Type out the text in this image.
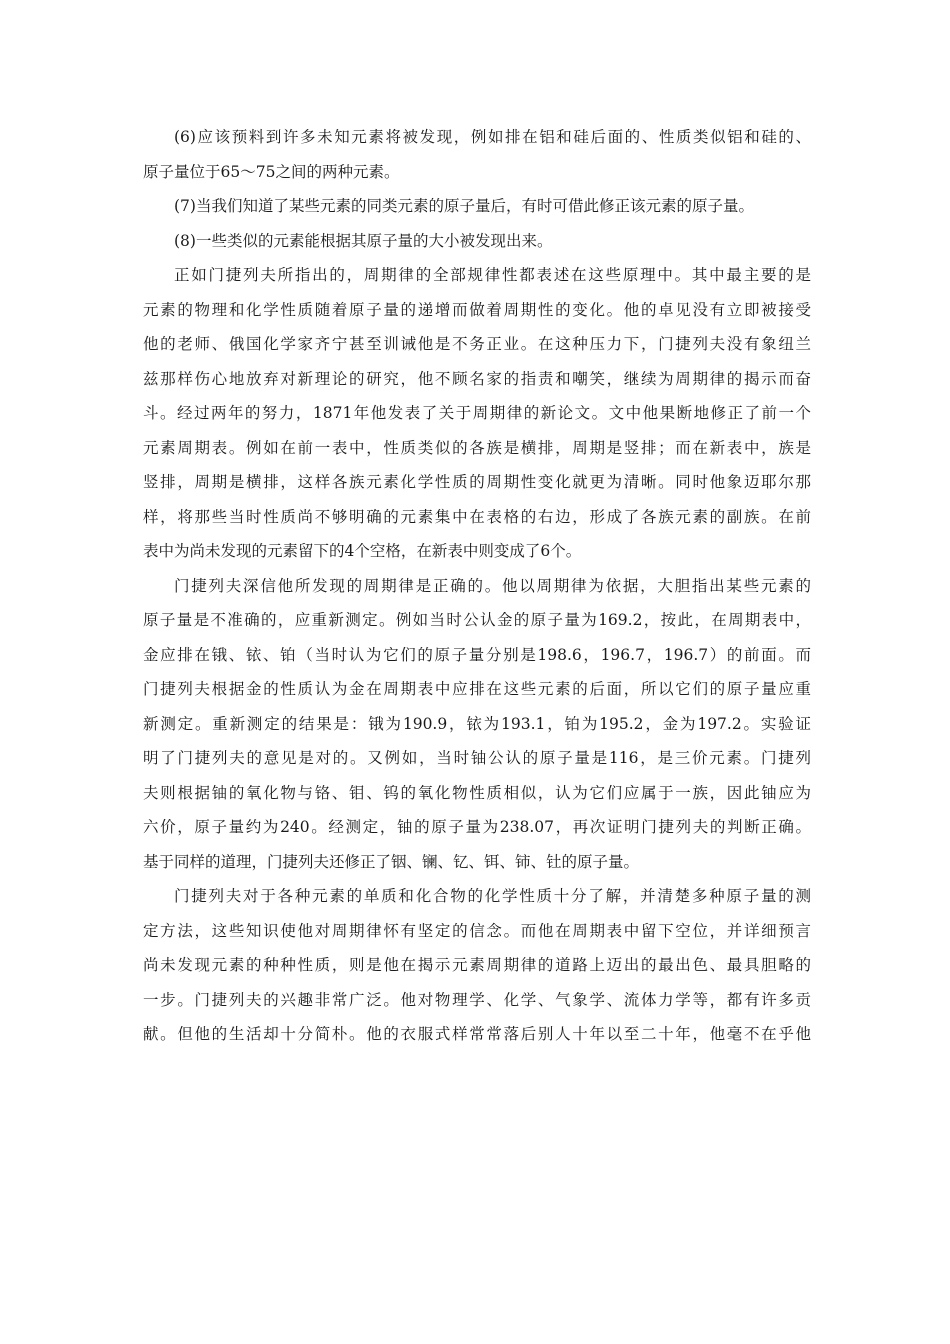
(6)应该预料到许多未知元素将被发现，例如排在铝和硅后面的、性质类似铝和硅的、
原子量位于65～75之间的两种元素。
(7)当我们知道了某些元素的同类元素的原子量后，有时可借此修正该元素的原子量。
(8)一些类似的元素能根据其原子量的大小被发现出来。
正如门捷列夫所指出的，周期律的全部规律性都表述在这些原理中。其中最主要的是
元素的物理和化学性质随着原子量的递增而做着周期性的变化。他的卓见没有立即被接受
他的老师、俄国化学家齐宁甚至训诫他是不务正业。在这种压力下，门捷列夫没有象纽兰
兹那样伤心地放弃对新理论的研究，他不顾名家的指责和嘲笑，继续为周期律的揭示而奋
斗。经过两年的努力，1871年他发表了关于周期律的新论文。文中他果断地修正了前一个
元素周期表。例如在前一表中，性质类似的各族是横排，周期是竖排；而在新表中，族是
竖排，周期是横排，这样各族元素化学性质的周期性变化就更为清晰。同时他象迈耶尔那
样，将那些当时性质尚不够明确的元素集中在表格的右边，形成了各族元素的副族。在前
表中为尚未发现的元素留下的4个空格，在新表中则变成了6个。
门捷列夫深信他所发现的周期律是正确的。他以周期律为依据，大胆指出某些元素的
原子量是不准确的，应重新测定。例如当时公认金的原子量为169.2，按此，在周期表中，
金应排在锇、铱、铂（当时认为它们的原子量分别是198.6，196.7，196.7）的前面。而
门捷列夫根据金的性质认为金在周期表中应排在这些元素的后面，所以它们的原子量应重
新测定。重新测定的结果是：锇为190.9，铱为193.1，铂为195.2，金为197.2。实验证
明了门捷列夫的意见是对的。又例如，当时铀公认的原子量是116，是三价元素。门捷列
夫则根据铀的氧化物与铬、钼、钨的氧化物性质相似，认为它们应属于一族，因此铀应为
六价，原子量约为240。经测定，铀的原子量为238.07，再次证明门捷列夫的判断正确。
基于同样的道理，门捷列夫还修正了铟、镧、钇、铒、铈、钍的原子量。
门捷列夫对于各种元素的单质和化合物的化学性质十分了解，并清楚多种原子量的测
定方法，这些知识使他对周期律怀有坚定的信念。而他在周期表中留下空位，并详细预言
尚未发现元素的种种性质，则是他在揭示元素周期律的道路上迈出的最出色、最具胆略的
一步。门捷列夫的兴趣非常广泛。他对物理学、化学、气象学、流体力学等，都有许多贡
献。但他的生活却十分简朴。他的衣服式样常常落后别人十年以至二十年，他毫不在乎他
